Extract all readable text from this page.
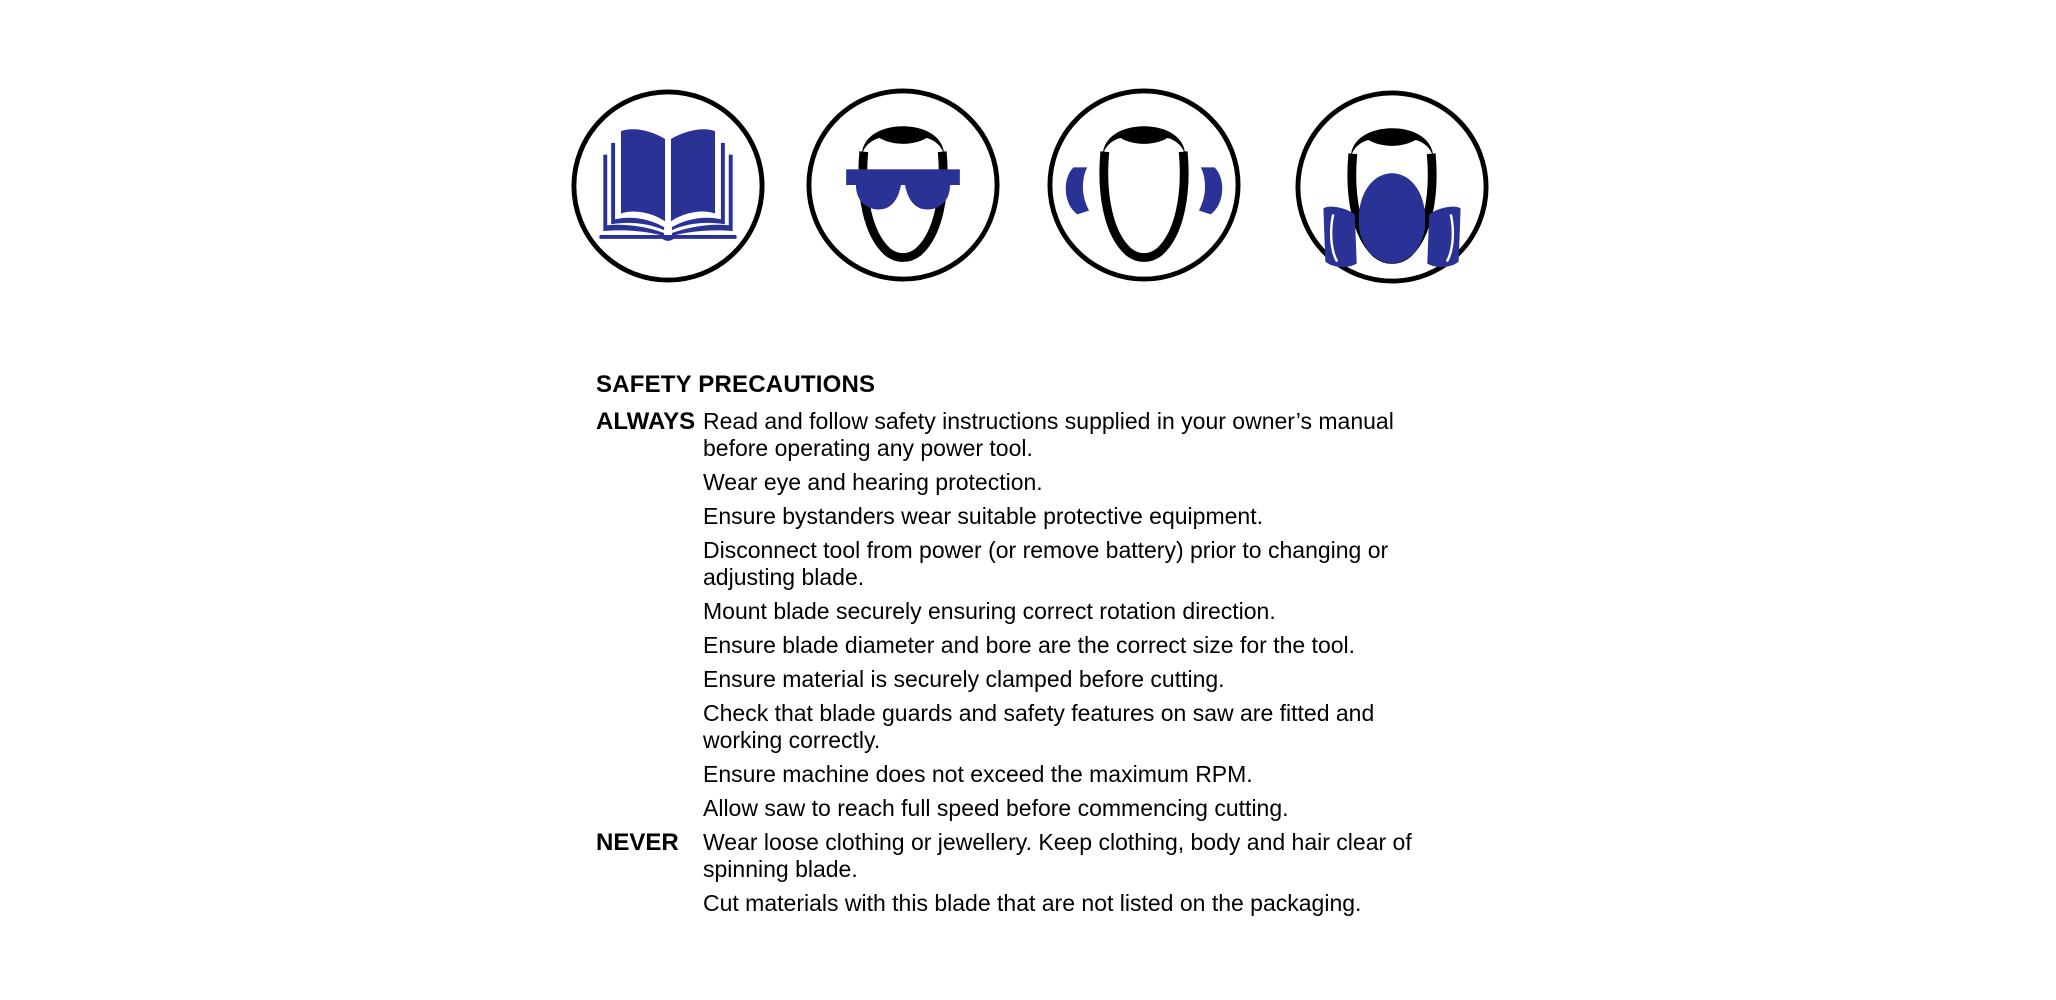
SAFETY PRECAUTIONS
ALWAYS Read and follow safety instructions supplied in your owner’s manual before operating any power tool.
Wear eye and hearing protection.
Ensure bystanders wear suitable protective equipment.
Disconnect tool from power (or remove battery) prior to changing or adjusting blade.
Mount blade securely ensuring correct rotation direction.
Ensure blade diameter and bore are the correct size for the tool.
Ensure material is securely clamped before cutting.
Check that blade guards and safety features on saw are fitted and working correctly.
Ensure machine does not exceed the maximum RPM.
Allow saw to reach full speed before commencing cutting.
NEVER	Wear loose clothing or jewellery. Keep clothing, body and hair clear of spinning blade.
Cut materials with this blade that are not listed on the packaging.
